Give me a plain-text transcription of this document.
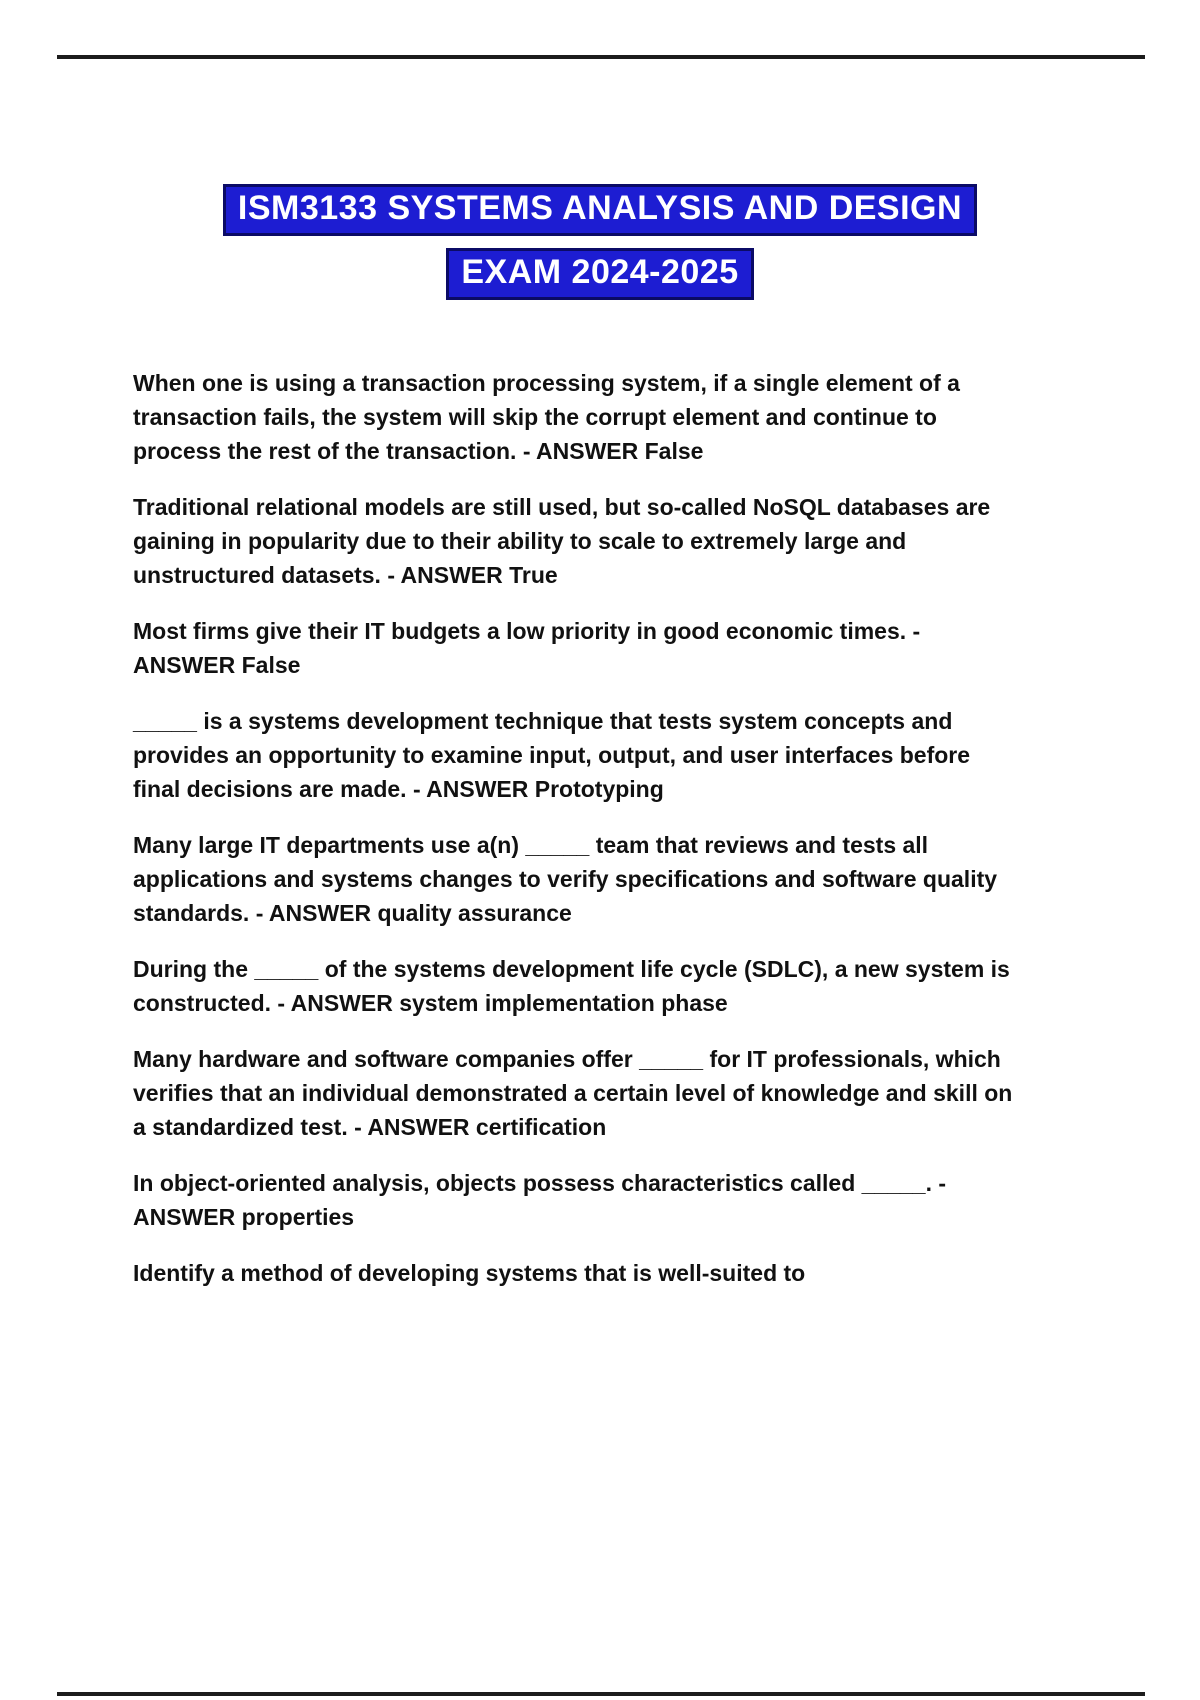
ISM3133 SYSTEMS ANALYSIS AND DESIGN
EXAM 2024-2025

When one is using a transaction processing system, if a single element of a transaction fails, the system will skip the corrupt element and continue to process the rest of the transaction. - ANSWER False

Traditional relational models are still used, but so-called NoSQL databases are gaining in popularity due to their ability to scale to extremely large and unstructured datasets. - ANSWER True

Most firms give their IT budgets a low priority in good economic times. - ANSWER False

_____ is a systems development technique that tests system concepts and provides an opportunity to examine input, output, and user interfaces before final decisions are made. - ANSWER Prototyping

Many large IT departments use a(n) _____ team that reviews and tests all applications and systems changes to verify specifications and software quality standards. - ANSWER quality assurance

During the _____ of the systems development life cycle (SDLC), a new system is constructed. - ANSWER system implementation phase

Many hardware and software companies offer _____ for IT professionals, which verifies that an individual demonstrated a certain level of knowledge and skill on a standardized test. - ANSWER certification

In object-oriented analysis, objects possess characteristics called _____. - ANSWER properties

Identify a method of developing systems that is well-suited to
